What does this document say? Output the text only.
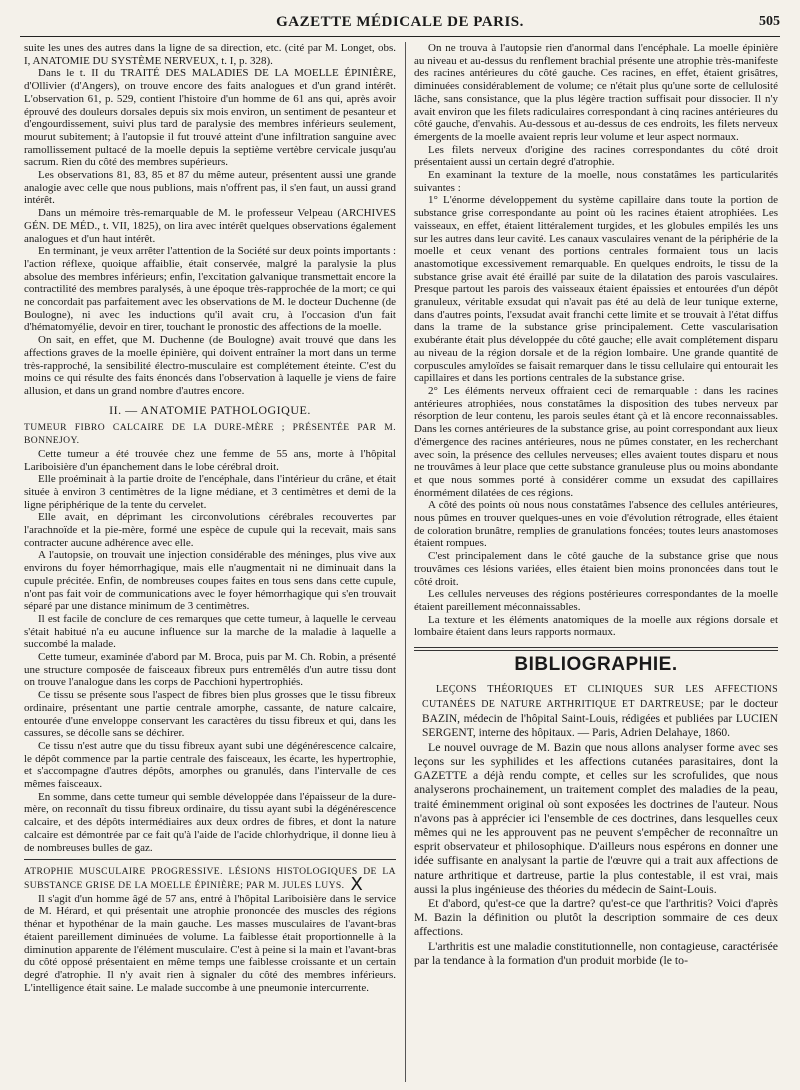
GAZETTE MÉDICALE DE PARIS.	505

suite les unes des autres dans la ligne de sa direction, etc. (cité par M. Longet, obs. I, ANATOMIE DU SYSTÈME NERVEUX, t. I, p. 328).

Dans le t. II du TRAITÉ DES MALADIES DE LA MOELLE ÉPINIÈRE, d'Ollivier (d'Angers), on trouve encore des faits analogues et d'un grand intérêt. L'observation 61, p. 529, contient l'histoire d'un homme de 61 ans qui, après avoir éprouvé des douleurs dorsales depuis six mois environ, un sentiment de pesanteur et d'engourdissement, suivi plus tard de paralysie des membres inférieurs seulement, mourut subitement; à l'autopsie il fut trouvé atteint d'une infiltration sanguine avec ramollissement pultacé de la moelle depuis la septième vertèbre cervicale jusqu'au sacrum. Rien du côté des membres supérieurs.

Les observations 81, 83, 85 et 87 du même auteur, présentent aussi une grande analogie avec celle que nous publions, mais n'offrent pas, il s'en faut, un aussi grand intérêt.

Dans un mémoire très-remarquable de M. le professeur Velpeau (ARCHIVES GÉN. DE MÉD., t. VII, 1825), on lira avec intérêt quelques observations également analogues et d'un haut intérêt.

En terminant, je veux arrêter l'attention de la Société sur deux points importants : l'action réflexe, quoique affaiblie, était conservée, malgré la paralysie la plus absolue des membres inférieurs; enfin, l'excitation galvanique transmettait encore la contractilité des membres paralysés, à une époque très-rapprochée de la mort; ce qui ne concordait pas parfaitement avec les observations de M. le docteur Duchenne (de Boulogne), ni avec les inductions qu'il avait cru, à l'occasion d'un fait d'hématomyélie, devoir en tirer, touchant le pronostic des affections de la moelle.

On sait, en effet, que M. Duchenne (de Boulogne) avait trouvé que dans les affections graves de la moelle épinière, qui doivent entraîner la mort dans un terme très-rapproché, la sensibilité électro-musculaire est complétement éteinte. C'est du moins ce qui résulte des faits énoncés dans l'observation à laquelle je viens de faire allusion, et dans un grand nombre d'autres encore.

II. — ANATOMIE PATHOLOGIQUE.

TUMEUR FIBRO CALCAIRE DE LA DURE-MÈRE ; PRÉSENTÉE PAR M. BONNEJOY.

Cette tumeur a été trouvée chez une femme de 55 ans, morte à l'hôpital Lariboisière d'un épanchement dans le lobe cérébral droit.

Elle proéminait à la partie droite de l'encéphale, dans l'intérieur du crâne, et était située à environ 3 centimètres de la ligne médiane, et 3 centimètres et demi de la ligne périphérique de la tente du cervelet.

Elle avait, en déprimant les circonvolutions cérébrales recouvertes par l'arachnoïde et la pie-mère, formé une espèce de cupule qui la recevait, mais sans contracter aucune adhérence avec elle.

A l'autopsie, on trouvait une injection considérable des méninges, plus vive aux environs du foyer hémorrhagique, mais elle n'augmentait ni ne diminuait dans la cupule précitée. Enfin, de nombreuses coupes faites en tous sens dans cette cupule, n'ont pas fait voir de communications avec le foyer hémorrhagique qui s'en trouvait séparé par une distance minimum de 3 centimètres.

Il est facile de conclure de ces remarques que cette tumeur, à laquelle le cerveau s'était habitué n'a eu aucune influence sur la marche de la maladie à laquelle a succombé la malade.

Cette tumeur, examinée d'abord par M. Broca, puis par M. Ch. Robin, a présenté une structure composée de faisceaux fibreux purs entremêlés d'un autre tissu dont on trouve l'analogue dans les corps de Pacchioni hypertrophiés.

Ce tissu se présente sous l'aspect de fibres bien plus grosses que le tissu fibreux ordinaire, présentant une partie centrale amorphe, cassante, de nature calcaire, entourée d'une enveloppe conservant les caractères du tissu fibreux et qui, dans les cassures, se décolle sans se déchirer.

Ce tissu n'est autre que du tissu fibreux ayant subi une dégénérescence calcaire, le dépôt commence par la partie centrale des faisceaux, les écarte, les hypertrophie, et s'accompagne d'autres dépôts, amorphes ou granulés, dans l'intervalle de ces mêmes faisceaux.

En somme, dans cette tumeur qui semble développée dans l'épaisseur de la dure-mère, on reconnaît du tissu fibreux ordinaire, du tissu ayant subi la dégénérescence calcaire, et des dépôts intermédiaires aux deux ordres de fibres, et dont la nature calcaire est démontrée par ce fait qu'à l'aide de l'acide chlorhydrique, il donne lieu à de nombreuses bulles de gaz.

ATROPHIE MUSCULAIRE PROGRESSIVE. LÉSIONS HISTOLOGIQUES DE LA SUBSTANCE GRISE DE LA MOELLE ÉPINIÈRE; PAR M. JULES LUYS. X

Il s'agit d'un homme âgé de 57 ans, entré à l'hôpital Lariboisière dans le service de M. Hérard, et qui présentait une atrophie prononcée des muscles des régions thénar et hypothénar de la main gauche. Les masses musculaires de l'avant-bras étaient pareillement diminuées de volume. La faiblesse était proportionnelle à la diminution apparente de l'élément musculaire. C'est à peine si la main et l'avant-bras du côté opposé présentaient en même temps une faiblesse croissante et un certain degré d'atrophie. Il n'y avait rien à signaler du côté des membres inférieurs. L'intelligence était saine. Le malade succombe à une pneumonie intercurrente.

On ne trouva à l'autopsie rien d'anormal dans l'encéphale. La moelle épinière au niveau et au-dessus du renflement brachial présente une atrophie très-manifeste des racines antérieures du côté gauche. Ces racines, en effet, étaient grisâtres, diminuées considérablement de volume; ce n'était plus qu'une sorte de cellulosité lâche, sans consistance, que la plus légère traction suffisait pour dissocier. Il n'y avait environ que les filets radiculaires correspondant à cinq racines antérieures du côté gauche, d'envahis. Au-dessous et au-dessus de ces endroits, les filets nerveux émergents de la moelle avaient repris leur volume et leur aspect normaux.

Les filets nerveux d'origine des racines correspondantes du côté droit présentaient aussi un certain degré d'atrophie.

En examinant la texture de la moelle, nous constatâmes les particularités suivantes :

1° L'énorme développement du système capillaire dans toute la portion de substance grise correspondante au point où les racines étaient atrophiées. Les vaisseaux, en effet, étaient littéralement turgides, et les globules empilés les uns sur les autres dans leur cavité. Les canaux vasculaires venant de la périphérie de la moelle et ceux venant des portions centrales formaient tous un lacis anastomotique excessivement remarquable. En quelques endroits, le tissu de la substance grise avait été éraillé par suite de la dilatation des parois vasculaires. Presque partout les parois des vaisseaux étaient épaissies et entourées d'un dépôt granuleux, véritable exsudat qui n'avait pas été au delà de leur tunique externe, dans d'autres points, l'exsudat avait franchi cette limite et se trouvait à l'état diffus dans la trame de la substance grise principalement. Cette vascularisation exubérante était plus développée du côté gauche; elle avait complétement disparu au niveau de la région dorsale et de la région lombaire. Une grande quantité de corpuscules amyloïdes se faisait remarquer dans le tissu cellulaire qui entourait les capillaires et dans les portions centrales de la substance grise.

2° Les éléments nerveux offraient ceci de remarquable : dans les racines antérieures atrophiées, nous constatâmes la disposition des tubes nerveux par résorption de leur contenu, les parois seules étant çà et là encore reconnaissables. Dans les cornes antérieures de la substance grise, au point correspondant aux lieux d'émergence des racines antérieures, nous ne pûmes constater, en les recherchant avec soin, la présence des cellules nerveuses; elles avaient toutes disparu et nous ne trouvâmes à leur place que cette substance granuleuse plus ou moins abondante et que nous sommes porté à considérer comme un exsudat des capillaires énormément dilatées de ces régions.

A côté des points où nous nous constatâmes l'absence des cellules antérieures, nous pûmes en trouver quelques-unes en voie d'évolution rétrograde, elles étaient de coloration brunâtre, remplies de granulations foncées; toutes leurs anastomoses étaient rompues.

C'est principalement dans le côté gauche de la substance grise que nous trouvâmes ces lésions variées, elles étaient bien moins prononcées dans tout le côté droit.

Les cellules nerveuses des régions postérieures correspondantes de la moelle étaient pareillement méconnaissables.

La texture et les éléments anatomiques de la moelle aux régions dorsale et lombaire étaient dans leurs rapports normaux.

BIBLIOGRAPHIE.

LEÇONS THÉORIQUES ET CLINIQUES SUR LES AFFECTIONS CUTANÉES DE NATURE ARTHRITIQUE ET DARTREUSE; par le docteur BAZIN, médecin de l'hôpital Saint-Louis, rédigées et publiées par LUCIEN SERGENT, interne des hôpitaux. — Paris, Adrien Delahaye, 1860.

Le nouvel ouvrage de M. Bazin que nous allons analyser forme avec ses leçons sur les syphilides et les affections cutanées parasitaires, dont la GAZETTE a déjà rendu compte, et celles sur les scrofulides, que nous analyserons prochainement, un traitement complet des maladies de la peau, traité éminemment original où sont exposées les doctrines de l'auteur. Nous n'avons pas à apprécier ici l'ensemble de ces doctrines, dans lesquelles ceux mêmes qui ne les approuvent pas ne peuvent s'empêcher de reconnaître un esprit observateur et philosophique. D'ailleurs nous espérons en donner une idée suffisante en analysant la partie de l'œuvre qui a trait aux affections de nature arthritique et dartreuse, partie la plus contestable, il est vrai, mais aussi la plus ingénieuse des théories du médecin de Saint-Louis.

Et d'abord, qu'est-ce que la dartre? qu'est-ce que l'arthritis? Voici d'après M. Bazin la définition ou plutôt la description sommaire de ces deux affections.

L'arthritis est une maladie constitutionnelle, non contagieuse, caractérisée par la tendance à la formation d'un produit morbide (le to-
